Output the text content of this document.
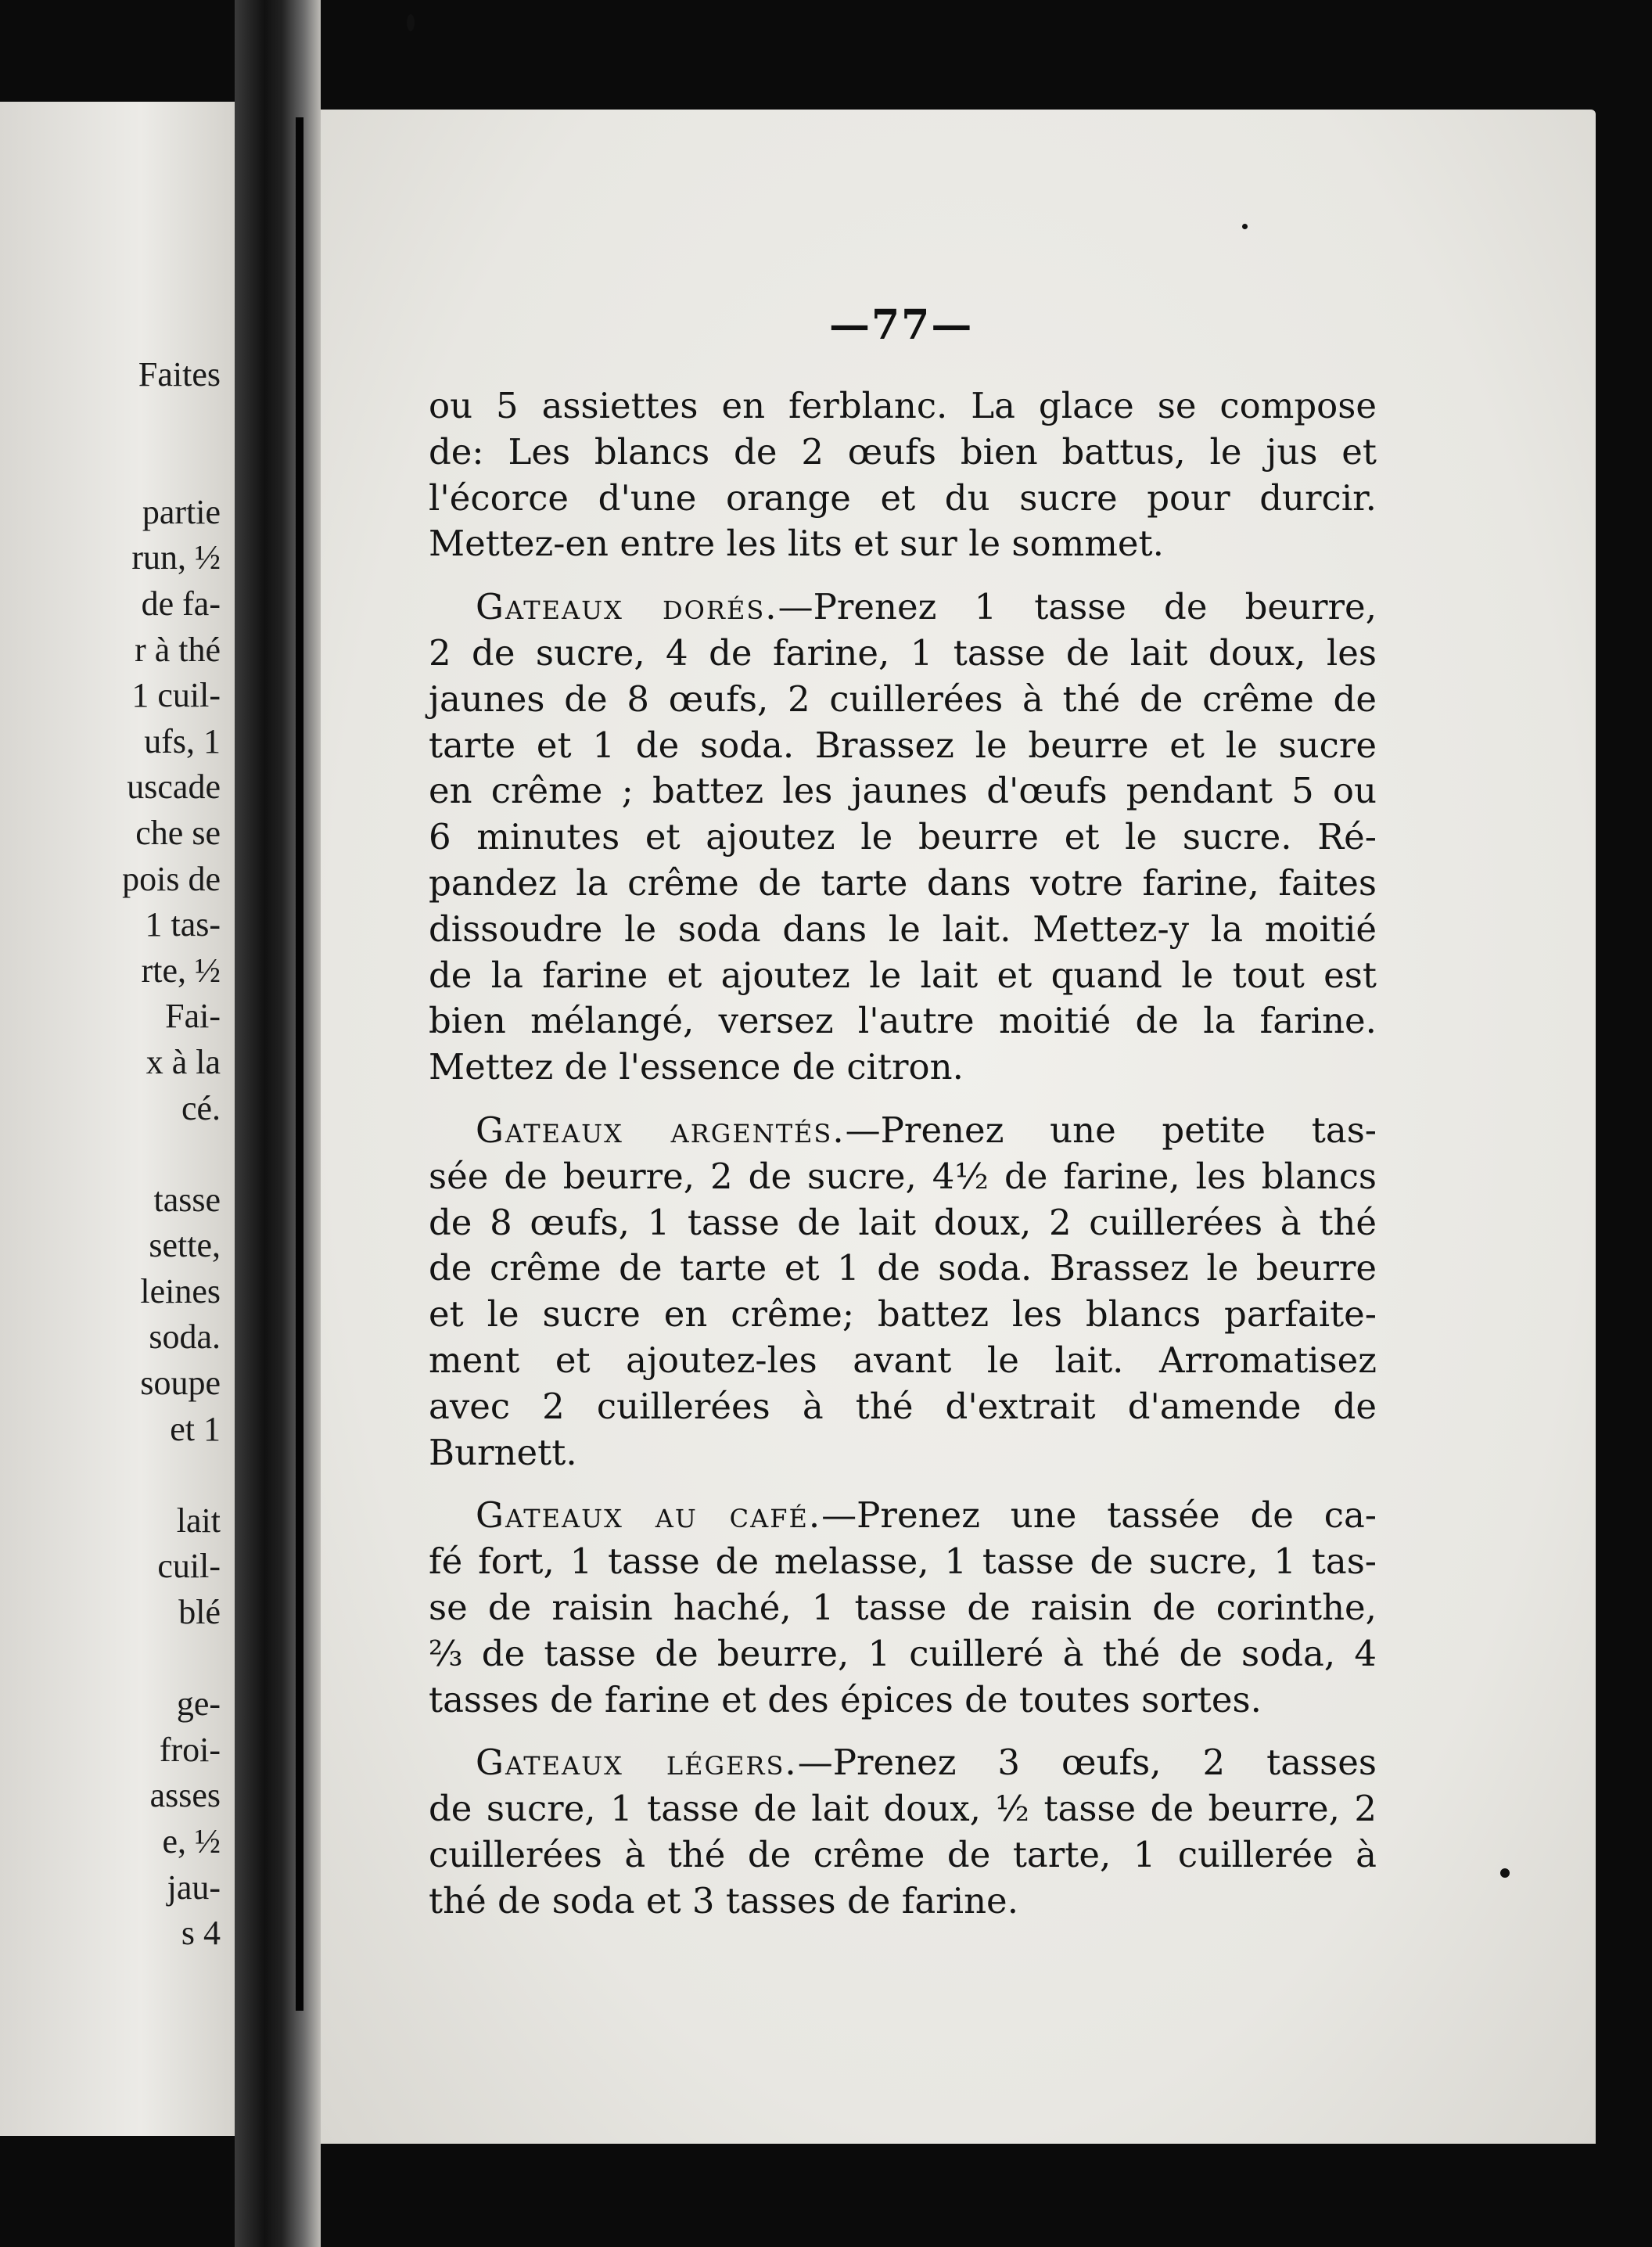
Faites

partie
run, ½
de fa-
r à thé
1 cuil-
ufs, 1
uscade
che se
pois de
1 tas-
rte, ½
Fai-
x à la
cé.

tasse
sette,
leines
soda.
soupe
et 1

lait
cuil-
blé

ge-
froi-
asses
e, ½
jau-
s 4
—77—
ou 5 assiettes en ferblanc. La glace se compose
de: Les blancs de 2 œufs bien battus, le jus et
l'écorce d'une orange et du sucre pour durcir.
Mettez-en entre les lits et sur le sommet.
Gateaux dorés.—Prenez 1 tasse de beurre,
2 de sucre, 4 de farine, 1 tasse de lait doux, les
jaunes de 8 œufs, 2 cuillerées à thé de crême de
tarte et 1 de soda. Brassez le beurre et le sucre
en crême ; battez les jaunes d'œufs pendant 5 ou
6 minutes et ajoutez le beurre et le sucre. Ré-
pandez la crême de tarte dans votre farine, faites
dissoudre le soda dans le lait. Mettez-y la moitié
de la farine et ajoutez le lait et quand le tout est
bien mélangé, versez l'autre moitié de la farine.
Mettez de l'essence de citron.
Gateaux argentés.—Prenez une petite tas-
sée de beurre, 2 de sucre, 4½ de farine, les blancs
de 8 œufs, 1 tasse de lait doux, 2 cuillerées à thé
de crême de tarte et 1 de soda. Brassez le beurre
et le sucre en crême; battez les blancs parfaite-
ment et ajoutez-les avant le lait. Arromatisez
avec 2 cuillerées à thé d'extrait d'amende de
Burnett.
Gateaux au café.—Prenez une tassée de ca-
fé fort, 1 tasse de melasse, 1 tasse de sucre, 1 tas-
se de raisin haché, 1 tasse de raisin de corinthe,
⅔ de tasse de beurre, 1 cuilleré à thé de soda, 4
tasses de farine et des épices de toutes sortes.
Gateaux légers.—Prenez 3 œufs, 2 tasses
de sucre, 1 tasse de lait doux, ½ tasse de beurre, 2
cuillerées à thé de crême de tarte, 1 cuillerée à
thé de soda et 3 tasses de farine.
